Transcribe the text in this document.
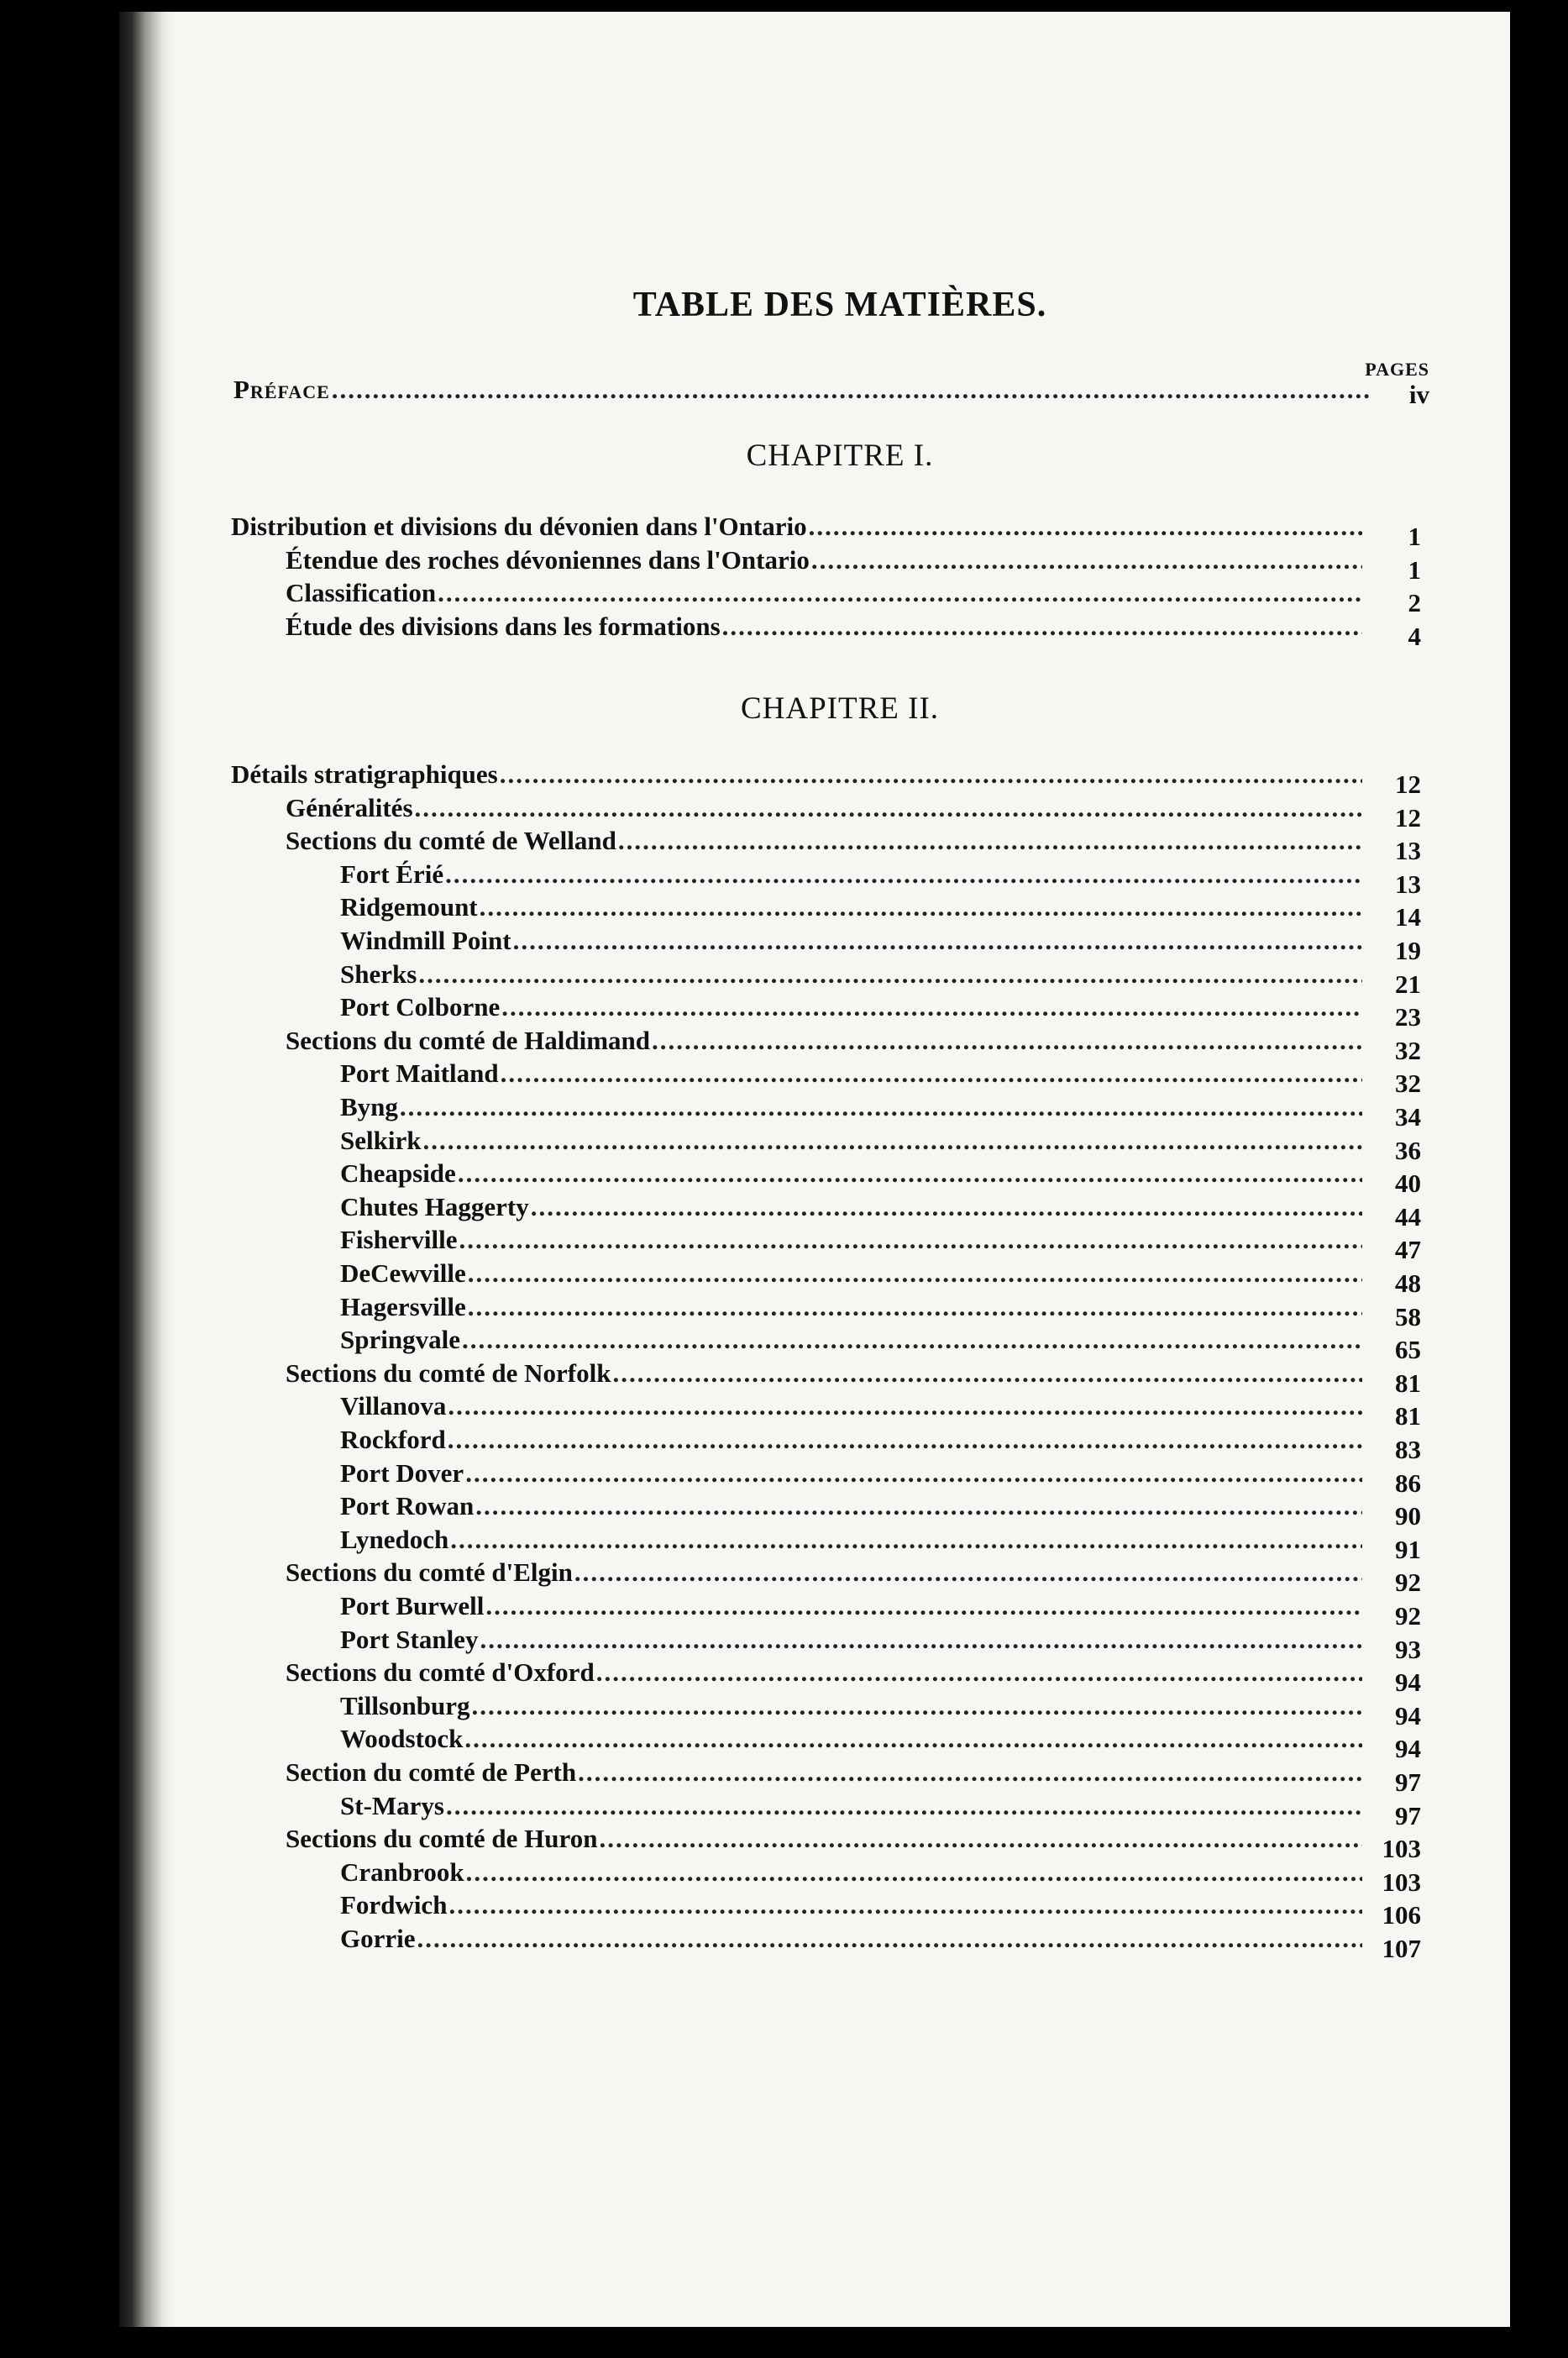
TABLE DES MATIÈRES.
PAGES
Préface .....	iv
CHAPITRE I.
Distribution et divisions du dévonien dans l'Ontario .....	1
Étendue des roches dévoniennes dans l'Ontario .....	1
Classification .....	2
Étude des divisions dans les formations .....	4
CHAPITRE II.
Détails stratigraphiques .....	12
Généralités .....	12
Sections du comté de Welland .....	13
Fort Érié .....	13
Ridgemount .....	14
Windmill Point .....	19
Sherks .....	21
Port Colborne .....	23
Sections du comté de Haldimand .....	32
Port Maitland .....	32
Byng .....	34
Selkirk .....	36
Cheapside .....	40
Chutes Haggerty .....	44
Fisherville .....	47
DeCewville .....	48
Hagersville .....	58
Springvale .....	65
Sections du comté de Norfolk .....	81
Villanova .....	81
Rockford .....	83
Port Dover .....	86
Port Rowan .....	90
Lynedoch .....	91
Sections du comté d'Elgin .....	92
Port Burwell .....	92
Port Stanley .....	93
Sections du comté d'Oxford .....	94
Tillsonburg .....	94
Woodstock .....	94
Section du comté de Perth .....	97
St-Marys .....	97
Sections du comté de Huron .....	103
Cranbrook .....	103
Fordwich .....	106
Gorrie .....	107
